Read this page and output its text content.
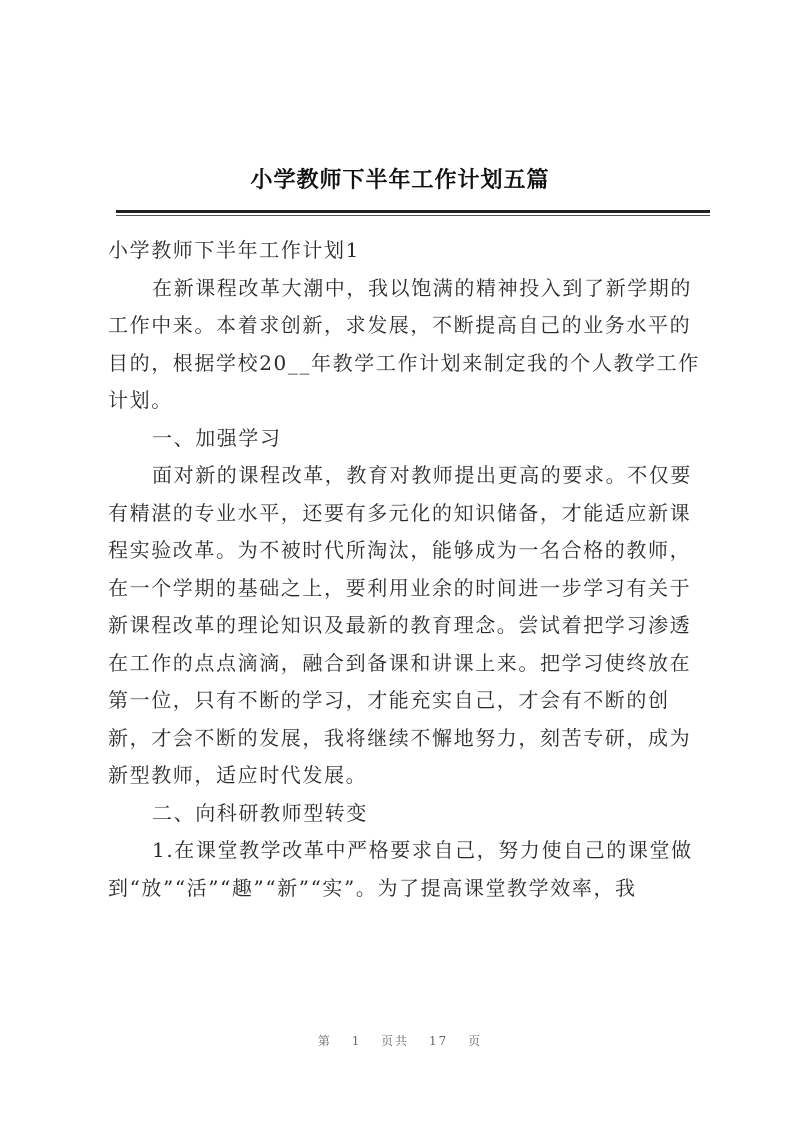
小学教师下半年工作计划五篇

小学教师下半年工作计划1

在新课程改革大潮中，我以饱满的精神投入到了新学期的工作中来。本着求创新，求发展，不断提高自己的业务水平的目的，根据学校20__年教学工作计划来制定我的个人教学工作计划。

一、加强学习

面对新的课程改革，教育对教师提出更高的要求。不仅要有精湛的专业水平，还要有多元化的知识储备，才能适应新课程实验改革。为不被时代所淘汰，能够成为一名合格的教师，在一个学期的基础之上，要利用业余的时间进一步学习有关于新课程改革的理论知识及最新的教育理念。尝试着把学习渗透在工作的点点滴滴，融合到备课和讲课上来。把学习使终放在第一位，只有不断的学习，才能充实自己，才会有不断的创新，才会不断的发展，我将继续不懈地努力，刻苦专研，成为新型教师，适应时代发展。

二、向科研教师型转变

1.在课堂教学改革中严格要求自己，努力使自己的课堂做到“放”“活”“趣”“新”“实”。为了提高课堂教学效率，我

第 1 页共 17 页
